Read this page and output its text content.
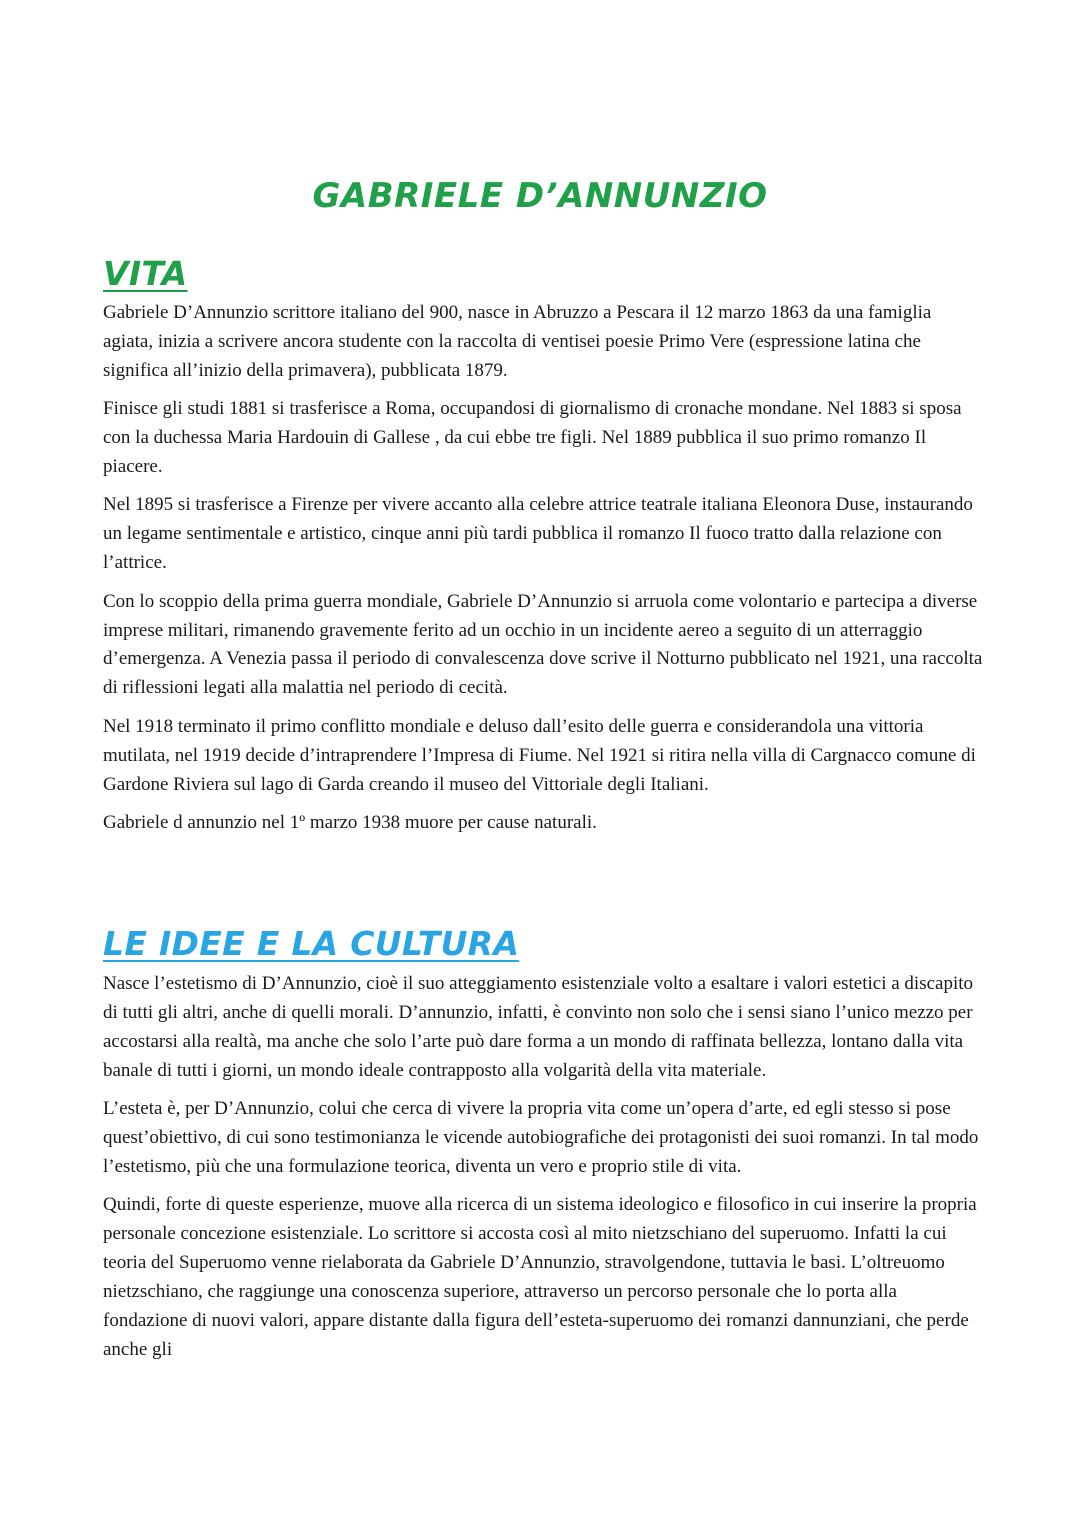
GABRIELE D’ANNUNZIO
VITA

Gabriele D’Annunzio scrittore italiano del 900, nasce in Abruzzo a Pescara il 12 marzo 1863 da una famiglia agiata, inizia a scrivere ancora studente con la raccolta di ventisei poesie Primo Vere (espressione latina che significa all’inizio della primavera), pubblicata 1879.

Finisce gli studi 1881 si trasferisce a Roma, occupandosi di giornalismo di cronache mondane. Nel 1883 si sposa con la duchessa Maria Hardouin di Gallese , da cui ebbe tre figli. Nel 1889 pubblica il suo primo romanzo Il piacere.

Nel 1895 si trasferisce a Firenze per vivere accanto alla celebre attrice teatrale italiana Eleonora Duse, instaurando un legame sentimentale e artistico, cinque anni più tardi pubblica il romanzo Il fuoco tratto dalla relazione con l’attrice.

Con lo scoppio della prima guerra mondiale, Gabriele D’Annunzio si arruola come volontario e partecipa a diverse imprese militari, rimanendo gravemente ferito ad un occhio in un incidente aereo a seguito di un atterraggio d’emergenza. A Venezia passa il periodo di convalescenza dove scrive il Notturno pubblicato nel 1921, una raccolta di riflessioni legati alla malattia nel periodo di cecità.

Nel 1918 terminato il primo conflitto mondiale e deluso dall’esito delle guerra e considerandola una vittoria mutilata, nel 1919 decide d’intraprendere l’Impresa di Fiume. Nel 1921 si ritira nella villa di Cargnacco comune di Gardone Riviera sul lago di Garda creando il museo del Vittoriale degli Italiani.

Gabriele d annunzio nel 1º marzo 1938 muore per cause naturali.

LE IDEE E LA CULTURA

Nasce l’estetismo di D’Annunzio, cioè il suo atteggiamento esistenziale volto a esaltare i valori estetici a discapito di tutti gli altri, anche di quelli morali. D’annunzio, infatti, è convinto non solo che i sensi siano l’unico mezzo per accostarsi alla realtà, ma anche che solo l’arte può dare forma a un mondo di raffinata bellezza, lontano dalla vita banale di tutti i giorni, un mondo ideale contrapposto alla volgarità della vita materiale.

L’esteta è, per D’Annunzio, colui che cerca di vivere la propria vita come un’opera d’arte, ed egli stesso si pose quest’obiettivo, di cui sono testimonianza le vicende autobiografiche dei protagonisti dei suoi romanzi. In tal modo l’estetismo, più che una formulazione teorica, diventa un vero e proprio stile di vita.

Quindi, forte di queste esperienze, muove alla ricerca di un sistema ideologico e filosofico in cui inserire la propria personale concezione esistenziale. Lo scrittore si accosta così al mito nietzschiano del superuomo. Infatti la cui teoria del Superuomo venne rielaborata da Gabriele D’Annunzio, stravolgendone, tuttavia le basi. L’oltreuomo nietzschiano, che raggiunge una conoscenza superiore, attraverso un percorso personale che lo porta alla fondazione di nuovi valori, appare distante dalla figura dell’esteta-superuomo dei romanzi dannunziani, che perde anche gli
